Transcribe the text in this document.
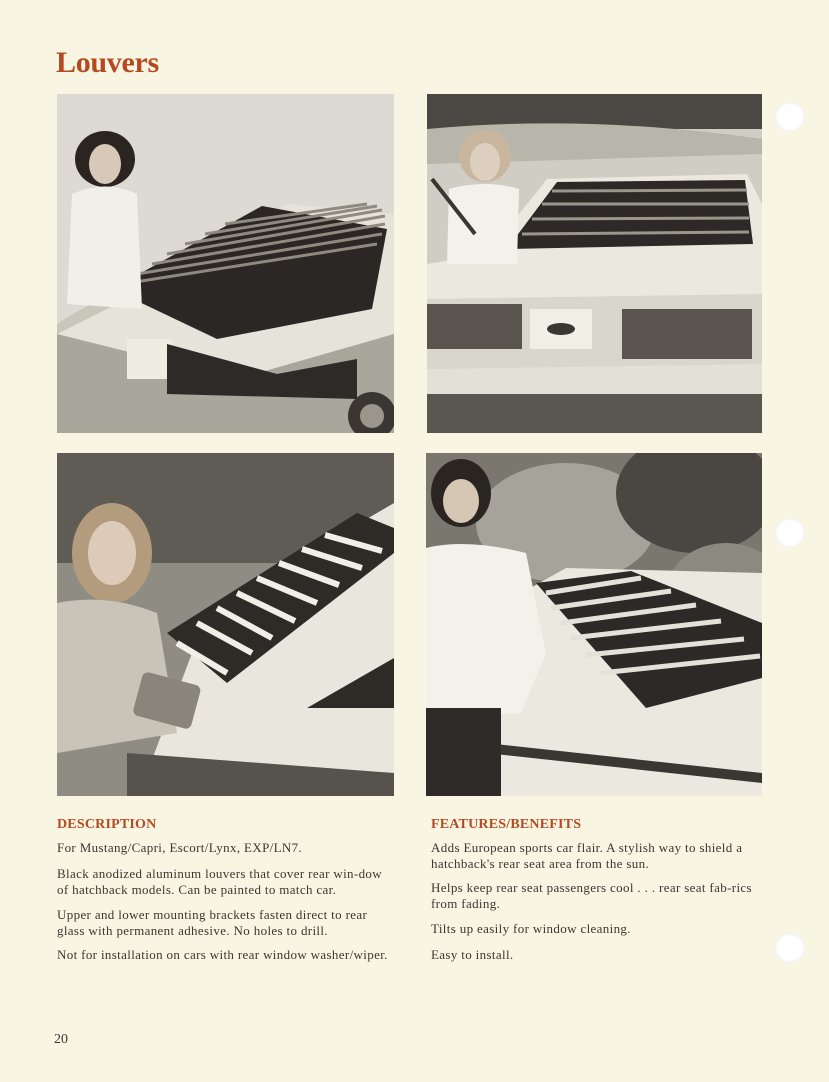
Louvers
DESCRIPTION

For Mustang/Capri, Escort/Lynx, EXP/LN7.

Black anodized aluminum louvers that cover rear win-dow of hatchback models. Can be painted to match car.

Upper and lower mounting brackets fasten direct to rear glass with permanent adhesive. No holes to drill.

Not for installation on cars with rear window washer/wiper.

FEATURES/BENEFITS

Adds European sports car flair. A stylish way to shield a hatchback's rear seat area from the sun.

Helps keep rear seat passengers cool . . . rear seat fab-rics from fading.

Tilts up easily for window cleaning.

Easy to install.

20
